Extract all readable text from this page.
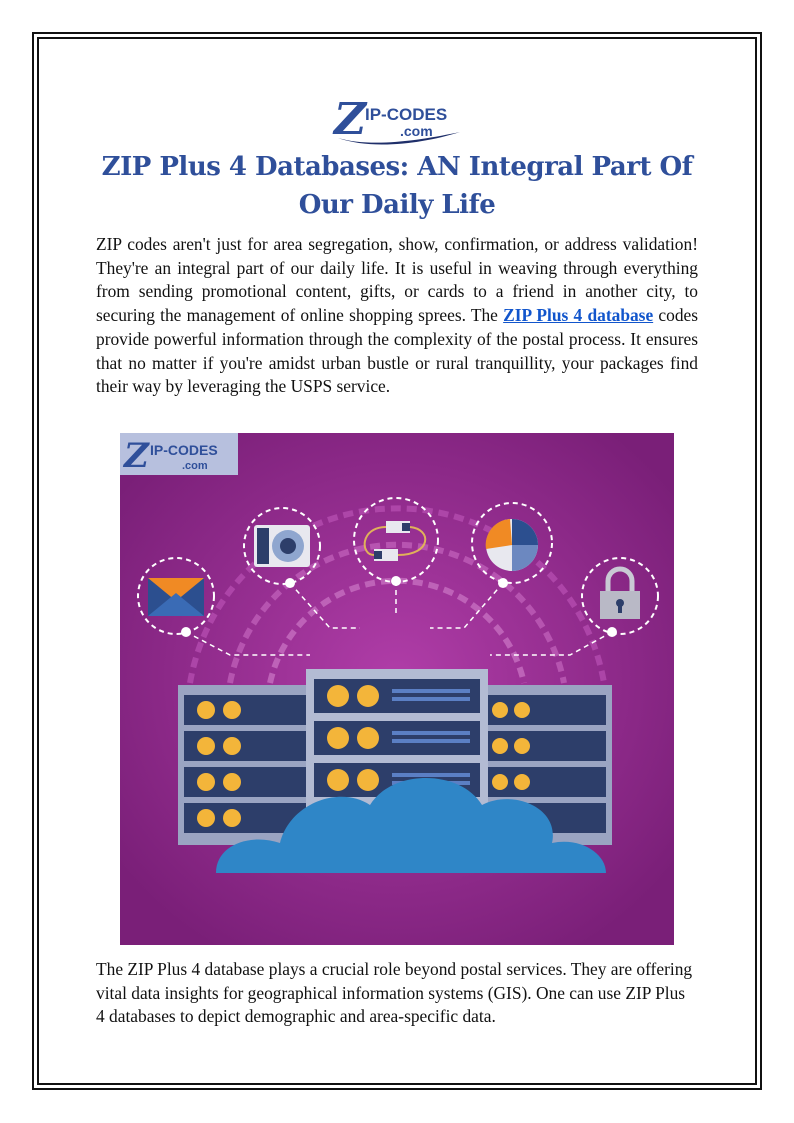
Z
IP-CODES
.com
ZIP Plus 4 Databases: AN Integral Part Of Our Daily Life

ZIP codes aren't just for area segregation, show, confirmation, or address validation! They're an integral part of our daily life. It is useful in weaving through everything from sending promotional content, gifts, or cards to a friend in another city, to securing the management of online shopping sprees. The ZIP Plus 4 database codes provide powerful information through the complexity of the postal process. It ensures that no matter if you're amidst urban bustle or rural tranquillity, your packages find their way by leveraging the USPS service.

Z IP-CODES
.com

The ZIP Plus 4 database plays a crucial role beyond postal services. They are offering vital data insights for geographical information systems (GIS). One can use ZIP Plus 4 databases to depict demographic and area-specific data.
